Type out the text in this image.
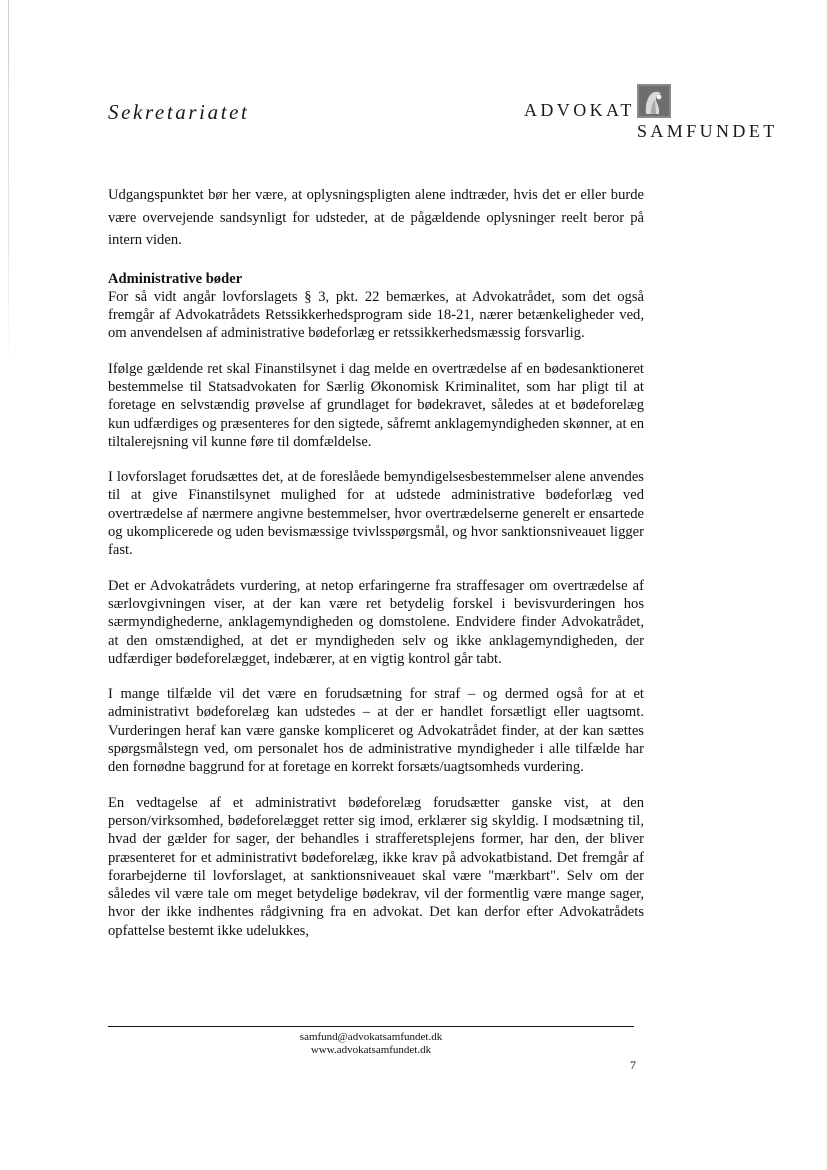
Sekretariatet	ADVOKAT
SAMFUNDET

Udgangspunktet bør her være, at oplysningspligten alene indtræder, hvis det er eller burde være overvejende sandsynligt for udsteder, at de pågældende oplysninger reelt beror på intern viden.

Administrative bøder

For så vidt angår lovforslagets § 3, pkt. 22 bemærkes, at Advokatrådet, som det også fremgår af Advokatrådets Retssikkerhedsprogram side 18-21, nærer betænkeligheder ved, om anvendelsen af administrative bødeforlæg er retssikkerhedsmæssig forsvarlig.

Ifølge gældende ret skal Finanstilsynet i dag melde en overtrædelse af en bødesanktioneret bestemmelse til Statsadvokaten for Særlig Økonomisk Kriminalitet, som har pligt til at foretage en selvstændig prøvelse af grundlaget for bødekravet, således at et bødeforelæg kun udfærdiges og præsenteres for den sigtede, såfremt anklagemyndigheden skønner, at en tiltalerejsning vil kunne føre til domfældelse.

I lovforslaget forudsættes det, at de foreslåede bemyndigelsesbestemmelser alene anvendes til at give Finanstilsynet mulighed for at udstede administrative bødeforlæg ved overtrædelse af nærmere angivne bestemmelser, hvor overtrædelserne generelt er ensartede og ukomplicerede og uden bevismæssige tvivlsspørgsmål, og hvor sanktionsniveauet ligger fast.

Det er Advokatrådets vurdering, at netop erfaringerne fra straffesager om overtrædelse af særlovgivningen viser, at der kan være ret betydelig forskel i bevisvurderingen hos særmyndighederne, anklagemyndigheden og domstolene. Endvidere finder Advokatrådet, at den omstændighed, at det er myndigheden selv og ikke anklagemyndigheden, der udfærdiger bødeforelægget, indebærer, at en vigtig kontrol går tabt.

I mange tilfælde vil det være en forudsætning for straf – og dermed også for at et administrativt bødeforelæg kan udstedes – at der er handlet forsætligt eller uagtsomt. Vurderingen heraf kan være ganske kompliceret og Advokatrådet finder, at der kan sættes spørgsmålstegn ved, om personalet hos de administrative myndigheder i alle tilfælde har den fornødne baggrund for at foretage en korrekt forsæts/uagtsomheds vurdering.

En vedtagelse af et administrativt bødeforelæg forudsætter ganske vist, at den person/virksomhed, bødeforelægget retter sig imod, erklærer sig skyldig. I modsætning til, hvad der gælder for sager, der behandles i strafferetsplejens former, har den, der bliver præsenteret for et administrativt bødeforelæg, ikke krav på advokatbistand. Det fremgår af forarbejderne til lovforslaget, at sanktionsniveauet skal være "mærkbart". Selv om der således vil være tale om meget betydelige bødekrav, vil der formentlig være mange sager, hvor der ikke indhentes rådgivning fra en advokat. Det kan derfor efter Advokatrådets opfattelse bestemt ikke udelukkes,

samfund@advokatsamfundet.dk
www.advokatsamfundet.dk
7
